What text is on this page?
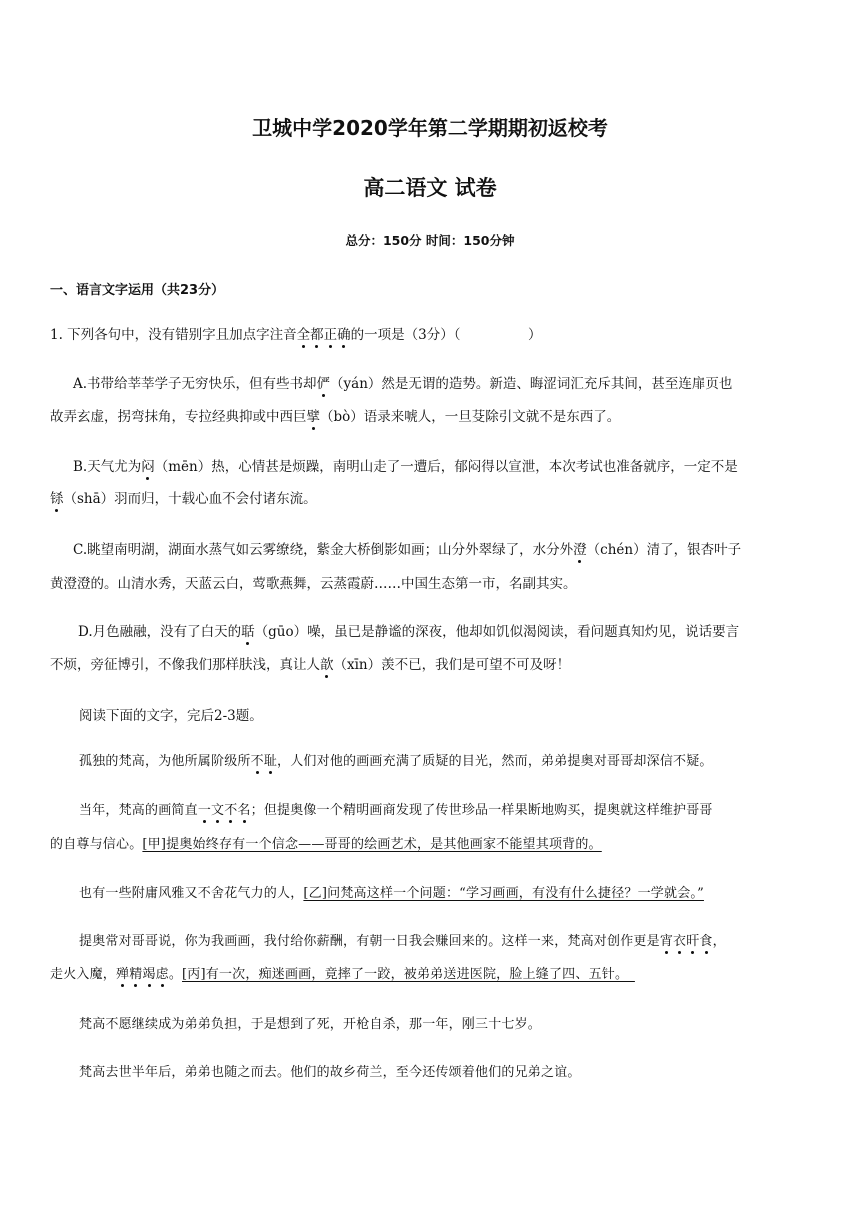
卫城中学2020学年第二学期期初返校考
高二语文 试卷
总分：150分 时间：150分钟
一、语言文字运用（共23分）
1. 下列各句中，没有错别字且加点字注音全都正确的一项是（3分）（　　　　　）
A.书带给莘莘学子无穷快乐，但有些书却俨（yán）然是无谓的造势。新造、晦涩词汇充斥其间，甚至连扉页也
故弄玄虚，拐弯抹角，专拉经典抑或中西巨擘（bò）语录来唬人，一旦芟除引文就不是东西了。
B.天气尤为闷（mēn）热，心情甚是烦躁，南明山走了一遭后，郁闷得以宣泄，本次考试也准备就序，一定不是
铩（shā）羽而归，十载心血不会付诸东流。
C.眺望南明湖，湖面水蒸气如云雾缭绕，紫金大桥倒影如画；山分外翠绿了，水分外澄（chén）清了，银杏叶子
黄澄澄的。山清水秀，天蓝云白，莺歌燕舞，云蒸霞蔚……中国生态第一市，名副其实。
D.月色融融，没有了白天的聒（gūo）噪，虽已是静谧的深夜，他却如饥似渴阅读，看问题真知灼见，说话要言
不烦，旁征博引，不像我们那样肤浅，真让人歆（xīn）羡不已，我们是可望不可及呀！
阅读下面的文字，完后2-3题。
孤独的梵高，为他所属阶级所不耻，人们对他的画画充满了质疑的目光，然而，弟弟提奥对哥哥却深信不疑。
当年，梵高的画简直一文不名；但提奥像一个精明画商发现了传世珍品一样果断地购买，提奥就这样维护哥哥
的自尊与信心。[甲]提奥始终存有一个信念——哥哥的绘画艺术，是其他画家不能望其项背的。
也有一些附庸风雅又不舍花气力的人，[乙]问梵高这样一个问题：“学习画画，有没有什么捷径？一学就会。”
提奥常对哥哥说，你为我画画，我付给你薪酬，有朝一日我会赚回来的。这样一来，梵高对创作更是宵衣旰食，
走火入魔，殚精竭虑。[丙]有一次，痴迷画画，竟摔了一跤，被弟弟送进医院，脸上缝了四、五针。　
梵高不愿继续成为弟弟负担，于是想到了死，开枪自杀，那一年，刚三十七岁。
梵高去世半年后，弟弟也随之而去。他们的故乡荷兰，至今还传颂着他们的兄弟之谊。
